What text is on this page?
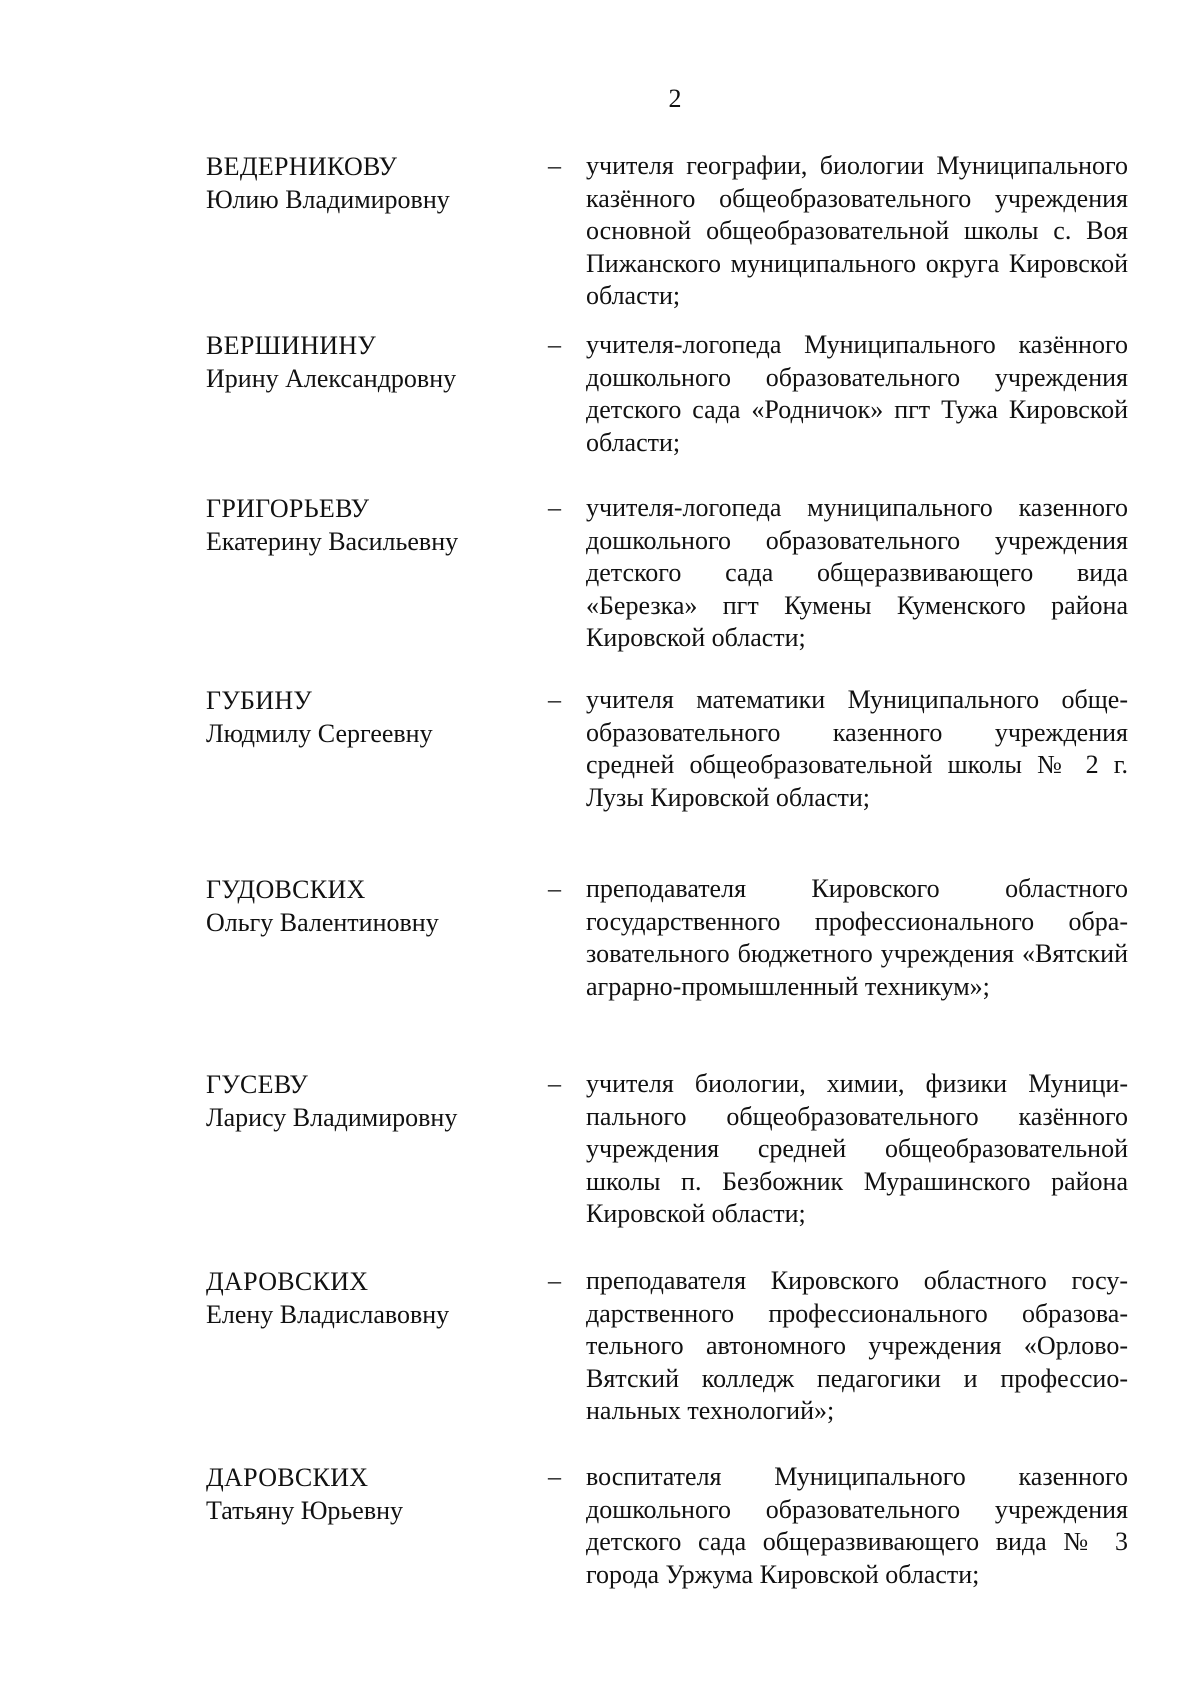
2
ВЕДЕРНИКОВУ
Юлию Владимировну
– учителя географии, биологии Муниципального казённого общеобразовательного учреждения основной общеобразовательной школы с. Воя Пижанского муниципального округа Кировской области;
ВЕРШИНИНУ
Ирину Александровну
– учителя-логопеда Муниципального казённого дошкольного образовательного учреждения детского сада «Родничок» пгт Тужа Кировской области;
ГРИГОРЬЕВУ
Екатерину Васильевну
– учителя-логопеда муниципального казенного дошкольного образовательного учреждения детского сада общеразвивающего вида «Березка» пгт Кумены Куменского района Кировской области;
ГУБИНУ
Людмилу Сергеевну
– учителя математики Муниципального общеобразовательного казенного учреждения средней общеобразовательной школы № 2 г. Лузы Кировской области;
ГУДОВСКИХ
Ольгу Валентиновну
– преподавателя Кировского областного государственного профессионального образовательного бюджетного учреждения «Вятский аграрно-промышленный техникум»;
ГУСЕВУ
Ларису Владимировну
– учителя биологии, химии, физики Муниципального общеобразовательного казённого учреждения средней общеобразовательной школы п. Безбожник Мурашинского района Кировской области;
ДАРОВСКИХ
Елену Владиславовну
– преподавателя Кировского областного государственного профессионального образовательного автономного учреждения «Орлово-Вятский колледж педагогики и профессиональных технологий»;
ДАРОВСКИХ
Татьяну Юрьевну
– воспитателя Муниципального казенного дошкольного образовательного учреждения детского сада общеразвивающего вида № 3 города Уржума Кировской области;
